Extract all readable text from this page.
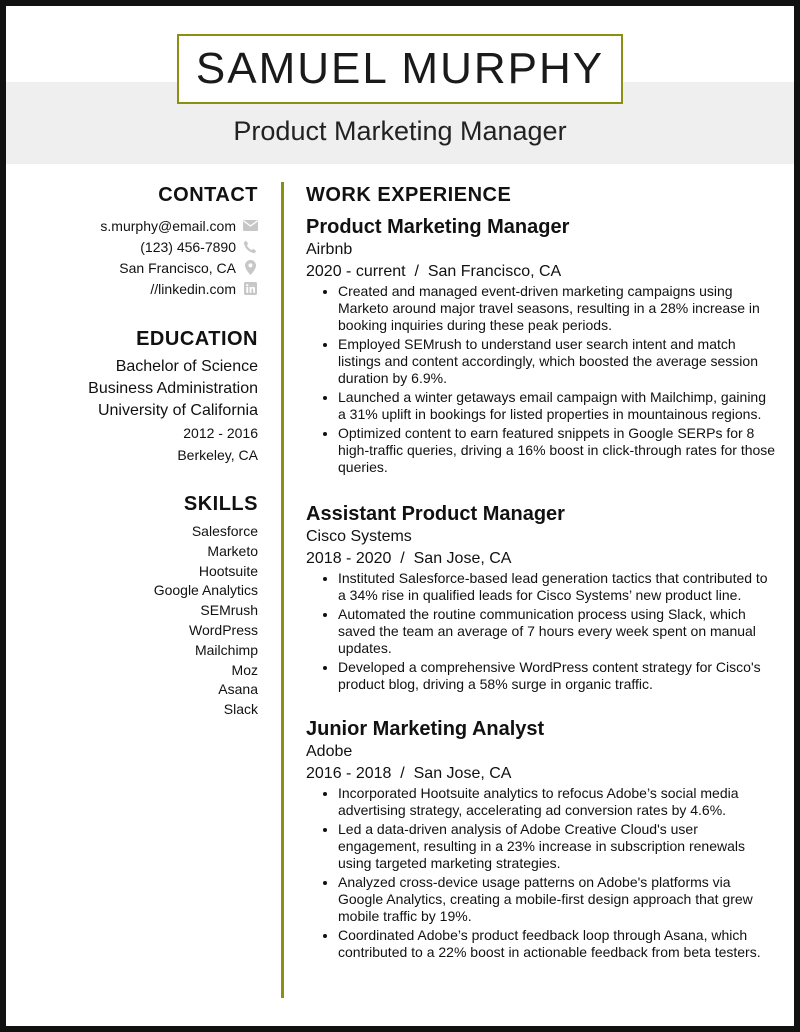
SAMUEL MURPHY
Product Marketing Manager
CONTACT
s.murphy@email.com
(123) 456-7890
San Francisco, CA
//linkedin.com
EDUCATION
Bachelor of Science
Business Administration
University of California
2012 - 2016
Berkeley, CA
SKILLS
Salesforce
Marketo
Hootsuite
Google Analytics
SEMrush
WordPress
Mailchimp
Moz
Asana
Slack
WORK EXPERIENCE
Product Marketing Manager
Airbnb
2020 - current  /  San Francisco, CA
• Created and managed event-driven marketing campaigns using Marketo around major travel seasons, resulting in a 28% increase in booking inquiries during these peak periods.
• Employed SEMrush to understand user search intent and match listings and content accordingly, which boosted the average session duration by 6.9%.
• Launched a winter getaways email campaign with Mailchimp, gaining a 31% uplift in bookings for listed properties in mountainous regions.
• Optimized content to earn featured snippets in Google SERPs for 8 high-traffic queries, driving a 16% boost in click-through rates for those queries.
Assistant Product Manager
Cisco Systems
2018 - 2020  /  San Jose, CA
• Instituted Salesforce-based lead generation tactics that contributed to a 34% rise in qualified leads for Cisco Systems’ new product line.
• Automated the routine communication process using Slack, which saved the team an average of 7 hours every week spent on manual updates.
• Developed a comprehensive WordPress content strategy for Cisco's product blog, driving a 58% surge in organic traffic.
Junior Marketing Analyst
Adobe
2016 - 2018  /  San Jose, CA
• Incorporated Hootsuite analytics to refocus Adobe’s social media advertising strategy, accelerating ad conversion rates by 4.6%.
• Led a data-driven analysis of Adobe Creative Cloud's user engagement, resulting in a 23% increase in subscription renewals using targeted marketing strategies.
• Analyzed cross-device usage patterns on Adobe's platforms via Google Analytics, creating a mobile-first design approach that grew mobile traffic by 19%.
• Coordinated Adobe’s product feedback loop through Asana, which contributed to a 22% boost in actionable feedback from beta testers.
